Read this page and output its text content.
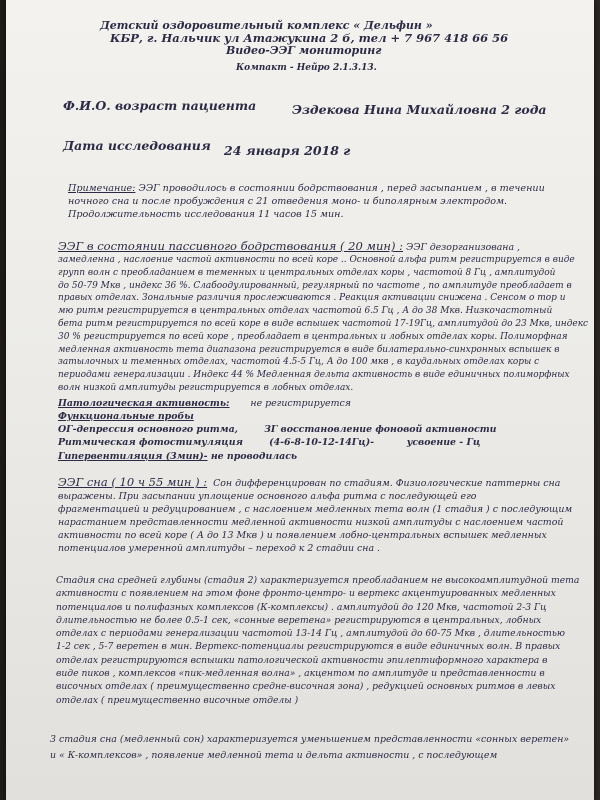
Детский оздоровительный комплекс « Дельфин »
КБР, г. Нальчик ул Атажукина 2 б, тел + 7 967 418 66 56
Видео-ЭЭГ мониторинг
Компакт - Нейро 2.1.3.13.
Ф.И.О. возраст пациента	Эздекова Нина Михайловна 2 года
Дата исследования 24 января 2018 г
Примечание: ЭЭГ проводилось в состоянии бодрствования , перед засыпанием , в течении
ночного сна и после пробуждения с 21 отведения моно- и биполярным электродом.
Продолжительность исследования 11 часов 15 мин.
ЭЭГ в состоянии пассивного бодрствования ( 20 мин) : ЭЭГ дезорганизована ,
замедленна , наслоение частой активности по всей коре .. Основной альфа ритм регистрируется в виде
групп волн с преобладанием в теменных и центральных отделах коры , частотой 8 Гц , амплитудой
до 50-79 Мкв , индекс 36 %. Слабоодулированный, регулярный по частоте , по амплитуде преобладает в
правых отделах. Зональные различия прослеживаются . Реакция активации снижена . Сенсом о тор и
мю ритм регистрируется в центральных отделах частотой 6.5 Гц , А до 38 Мкв. Низкочастотный
бета ритм регистрируется по всей коре в виде вспышек частотой 17-19Гц, амплитудой до 23 Мкв, индекс
30 % регистрируется по всей коре , преобладает в центральных и лобных отделах коры. Полиморфная
медленная активность тета диапазона регистрируется в виде билатерально-синхронных вспышек в
затылочных и теменных отделах, частотой 4.5-5 Гц, А до 100 мкв , в каудальных отделах коры с
периодами генерализации . Индекс 44 % Медленная дельта активность в виде единичных полиморфных
волн низкой амплитуды регистрируется в лобных отделах.
Патологическая активность: не регистрируется
Функциональные пробы
ОГ-депрессия основного ритма,	ЗГ восстановление фоновой активности
Ритмическая фотостимуляция	(4-6-8-10-12-14Гц)-	усвоение - Гц
Гипервентиляция (3мин)- не проводилась
ЭЭГ сна ( 10 ч 55 мин ) : Сон дифференцирован по стадиям. Физиологические паттерны сна
выражены. При засыпании уплощение основного альфа ритма с последующей его
фрагментацией и редуцированием , с наслоением медленных тета волн (1 стадия ) с последующим
нарастанием представленности медленной активности низкой амплитуды с наслоением частой
активности по всей коре ( А до 13 Мкв ) и появлением лобно-центральных вспышек медленных
потенциалов умеренной амплитуды – переход к 2 стадии сна .
Стадия сна средней глубины (стадия 2) характеризуется преобладанием не высокоамплитудной тета
активности с появлением на этом фоне фронто-центро- и вертекс акцентуированных медленных
потенциалов и полифазных комплексов (К-комплексы) . амплитудой до 120 Мкв, частотой 2-3 Гц
длительностью не более 0.5-1 сек, «сонные веретена» регистрируются в центральных, лобных
отделах с периодами генерализации частотой 13-14 Гц , амплитудой до 60-75 Мкв , длительностью
1-2 сек , 5-7 веретен в мин. Вертекс-потенциалы регистрируются в виде единичных волн. В правых
отделах регистрируются вспышки патологической активности эпилептиформного характера в
виде пиков , комплексов «пик-медленная волна» , акцентом по амплитуде и представленности в
височных отделах ( преимущественно средне-височная зона) , редукцией основных ритмов в левых
отделах ( преимущественно височные отделы )
3 стадия сна (медленный сон) характеризуется уменьшением представленности «сонных веретен»
и « К-комплексов» , появление медленной тета и дельта активности , с последующем
